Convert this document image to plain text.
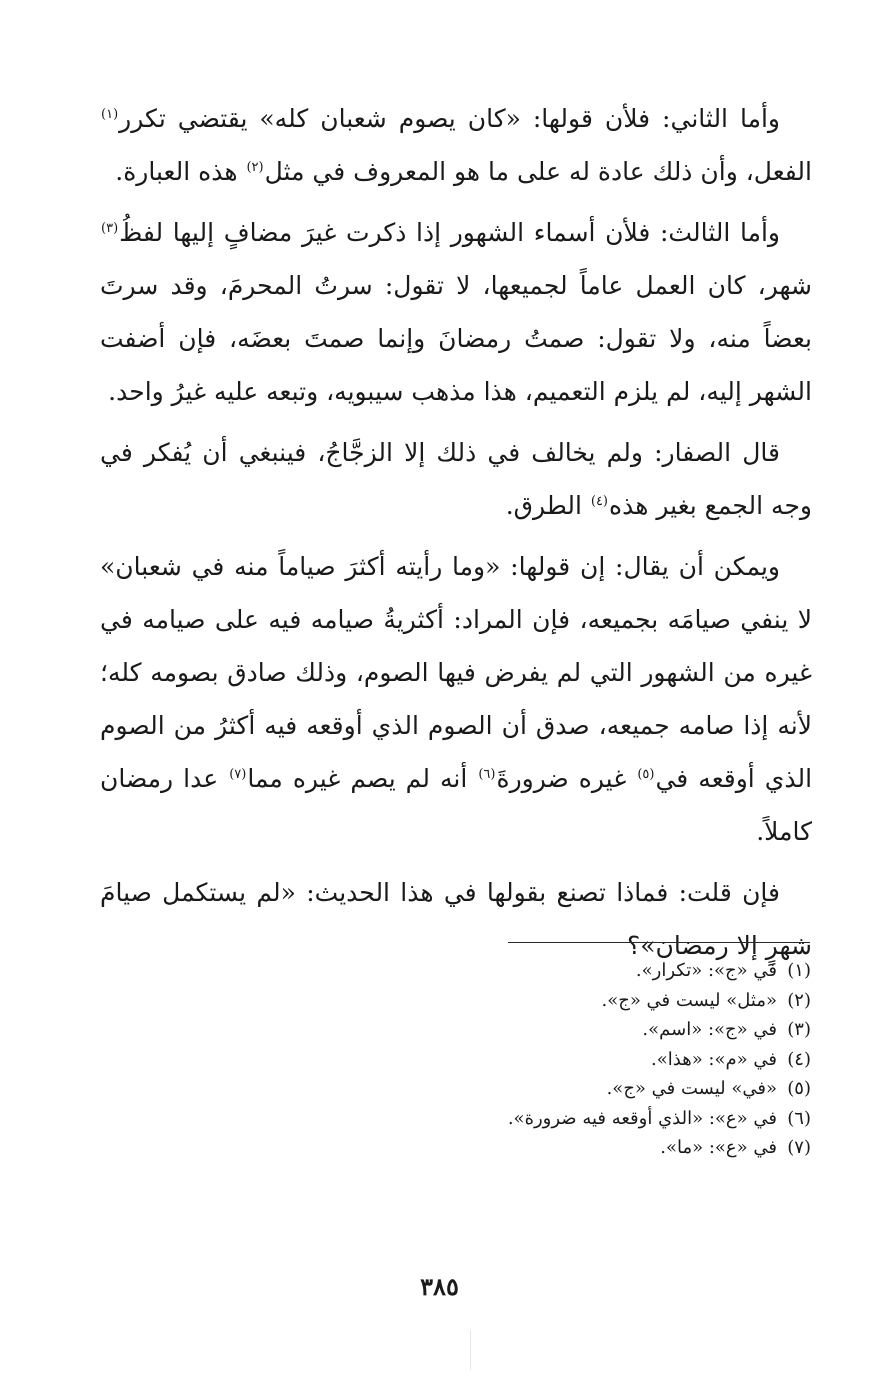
وأما الثاني: فلأن قولها: «كان يصوم شعبان كله» يقتضي تكرر$^{(١)}$ الفعل، وأن ذلك عادة له على ما هو المعروف في مثل$^{(٢)}$ هذه العبارة.

وأما الثالث: فلأن أسماء الشهور إذا ذكرت غيرَ مضافٍ إليها لفظُ$^{(٣)}$ شهر، كان العمل عاماً لجميعها، لا تقول: سرتُ المحرمَ، وقد سرتَ بعضاً منه، ولا تقول: صمتُ رمضانَ وإنما صمتَ بعضَه، فإن أضفت الشهر إليه، لم يلزم التعميم، هذا مذهب سيبويه، وتبعه عليه غيرُ واحد.

قال الصفار: ولم يخالف في ذلك إلا الزجَّاجُ، فينبغي أن يُفكر في وجه الجمع بغير هذه$^{(٤)}$ الطرق.

ويمكن أن يقال: إن قولها: «وما رأيته أكثرَ صياماً منه في شعبان» لا ينفي صيامَه بجميعه، فإن المراد: أكثريةُ صيامه فيه على صيامه في غيره من الشهور التي لم يفرض فيها الصوم، وذلك صادق بصومه كله؛ لأنه إذا صامه جميعه، صدق أن الصوم الذي أوقعه فيه أكثرُ من الصوم الذي أوقعه في$^{(٥)}$ غيره ضرورةَ$^{(٦)}$ أنه لم يصم غيره مما$^{(٧)}$ عدا رمضان كاملاً.

فإن قلت: فماذا تصنع بقولها في هذا الحديث: «لم يستكمل صيامَ شهرٍ إلا رمضان»؟

(١)في «ج»: «تكرار».
(٢)«مثل» ليست في «ج».
(٣)في «ج»: «اسم».
(٤)في «م»: «هذا».
(٥)«في» ليست في «ج».
(٦)في «ع»: «الذي أوقعه فيه ضرورة».
(٧)في «ع»: «ما».
٣٨٥
